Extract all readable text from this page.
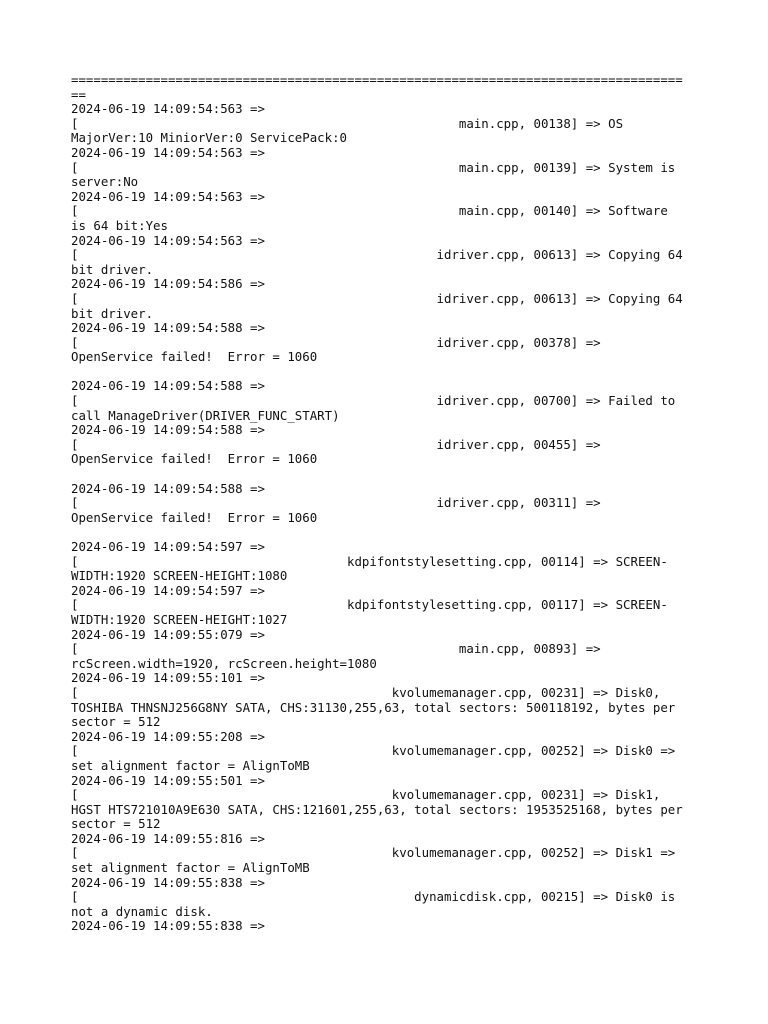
==================================================================================
==
2024-06-19 14:09:54:563 =>
[                                                   main.cpp, 00138] => OS
MajorVer:10 MiniorVer:0 ServicePack:0
2024-06-19 14:09:54:563 =>
[                                                   main.cpp, 00139] => System is
server:No
2024-06-19 14:09:54:563 =>
[                                                   main.cpp, 00140] => Software
is 64 bit:Yes
2024-06-19 14:09:54:563 =>
[                                                idriver.cpp, 00613] => Copying 64
bit driver.
2024-06-19 14:09:54:586 =>
[                                                idriver.cpp, 00613] => Copying 64
bit driver.
2024-06-19 14:09:54:588 =>
[                                                idriver.cpp, 00378] =>
OpenService failed!  Error = 1060

2024-06-19 14:09:54:588 =>
[                                                idriver.cpp, 00700] => Failed to
call ManageDriver(DRIVER_FUNC_START)
2024-06-19 14:09:54:588 =>
[                                                idriver.cpp, 00455] =>
OpenService failed!  Error = 1060

2024-06-19 14:09:54:588 =>
[                                                idriver.cpp, 00311] =>
OpenService failed!  Error = 1060

2024-06-19 14:09:54:597 =>
[                                    kdpifontstylesetting.cpp, 00114] => SCREEN-
WIDTH:1920 SCREEN-HEIGHT:1080
2024-06-19 14:09:54:597 =>
[                                    kdpifontstylesetting.cpp, 00117] => SCREEN-
WIDTH:1920 SCREEN-HEIGHT:1027
2024-06-19 14:09:55:079 =>
[                                                   main.cpp, 00893] =>
rcScreen.width=1920, rcScreen.height=1080
2024-06-19 14:09:55:101 =>
[                                          kvolumemanager.cpp, 00231] => Disk0,
TOSHIBA THNSNJ256G8NY SATA, CHS:31130,255,63, total sectors: 500118192, bytes per
sector = 512
2024-06-19 14:09:55:208 =>
[                                          kvolumemanager.cpp, 00252] => Disk0 =>
set alignment factor = AlignToMB
2024-06-19 14:09:55:501 =>
[                                          kvolumemanager.cpp, 00231] => Disk1,
HGST HTS721010A9E630 SATA, CHS:121601,255,63, total sectors: 1953525168, bytes per
sector = 512
2024-06-19 14:09:55:816 =>
[                                          kvolumemanager.cpp, 00252] => Disk1 =>
set alignment factor = AlignToMB
2024-06-19 14:09:55:838 =>
[                                             dynamicdisk.cpp, 00215] => Disk0 is
not a dynamic disk.
2024-06-19 14:09:55:838 =>
